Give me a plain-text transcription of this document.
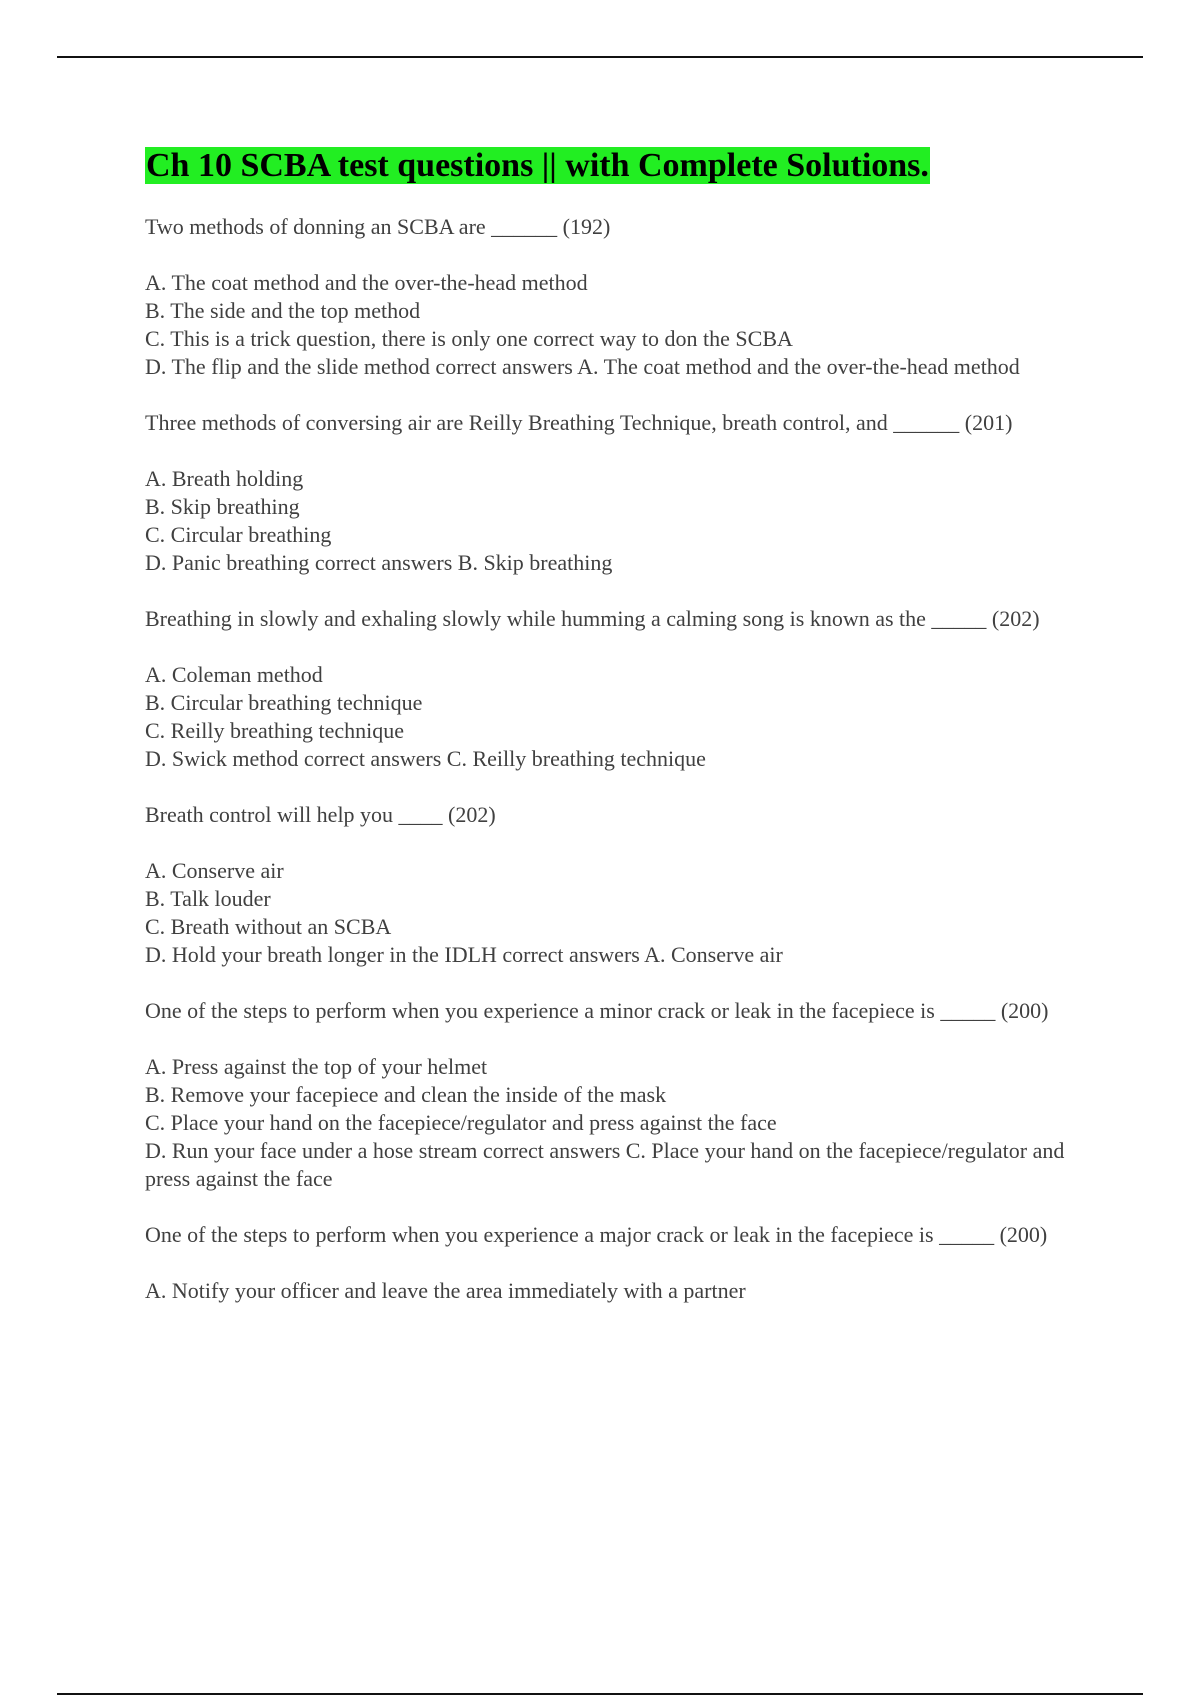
Ch 10 SCBA test questions || with Complete Solutions.

Two methods of donning an SCBA are ______ (192)

A. The coat method and the over-the-head method
B. The side and the top method
C. This is a trick question, there is only one correct way to don the SCBA
D. The flip and the slide method correct answers A. The coat method and the over-the-head method

Three methods of conversing air are Reilly Breathing Technique, breath control, and ______ (201)

A. Breath holding
B. Skip breathing
C. Circular breathing
D. Panic breathing correct answers B. Skip breathing

Breathing in slowly and exhaling slowly while humming a calming song is known as the _____ (202)

A. Coleman method
B. Circular breathing technique
C. Reilly breathing technique
D. Swick method correct answers C. Reilly breathing technique

Breath control will help you ____ (202)

A. Conserve air
B. Talk louder
C. Breath without an SCBA
D. Hold your breath longer in the IDLH correct answers A. Conserve air

One of the steps to perform when you experience a minor crack or leak in the facepiece is _____ (200)

A. Press against the top of your helmet
B. Remove your facepiece and clean the inside of the mask
C. Place your hand on the facepiece/regulator and press against the face
D. Run your face under a hose stream correct answers C. Place your hand on the facepiece/regulator and press against the face

One of the steps to perform when you experience a major crack or leak in the facepiece is _____ (200)

A. Notify your officer and leave the area immediately with a partner
